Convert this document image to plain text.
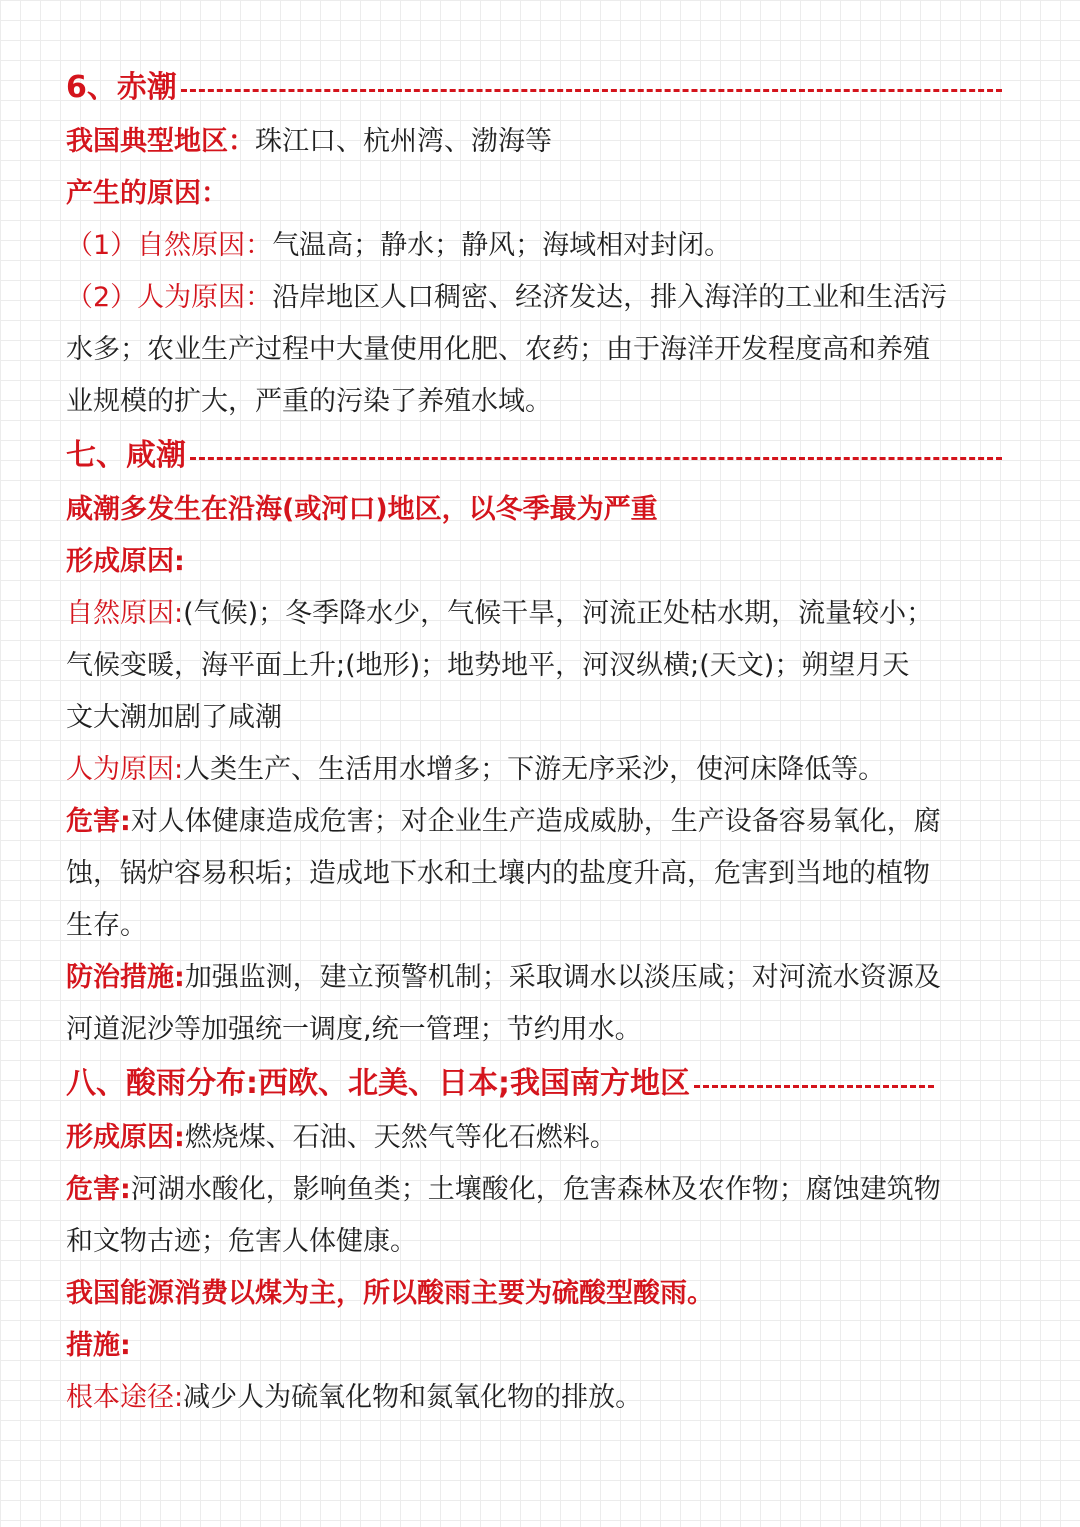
6、赤潮

我国典型地区：珠江口、杭州湾、渤海等

产生的原因：

（1）自然原因：气温高；静水；静风；海域相对封闭。

（2）人为原因：沿岸地区人口稠密、经济发达，排入海洋的工业和生活污

水多；农业生产过程中大量使用化肥、农药；由于海洋开发程度高和养殖

业规模的扩大，严重的污染了养殖水域。

七、咸潮

咸潮多发生在沿海(或河口)地区，以冬季最为严重

形成原因:

自然原因:(气候)；冬季降水少，气候干旱，河流正处枯水期，流量较小；

气候变暖，海平面上升;(地形)；地势地平，河汊纵横;(天文)；朔望月天

文大潮加剧了咸潮

人为原因:人类生产、生活用水增多；下游无序采沙，使河床降低等。

危害:对人体健康造成危害；对企业生产造成威胁，生产设备容易氧化，腐

蚀，锅炉容易积垢；造成地下水和土壤内的盐度升高，危害到当地的植物

生存。

防治措施:加强监测，建立预警机制；采取调水以淡压咸；对河流水资源及

河道泥沙等加强统一调度,统一管理；节约用水。

八、酸雨分布:西欧、北美、日本;我国南方地区

形成原因:燃烧煤、石油、天然气等化石燃料。

危害:河湖水酸化，影响鱼类；土壤酸化，危害森林及农作物；腐蚀建筑物

和文物古迹；危害人体健康。

我国能源消费以煤为主，所以酸雨主要为硫酸型酸雨。

措施:

根本途径:减少人为硫氧化物和氮氧化物的排放。
